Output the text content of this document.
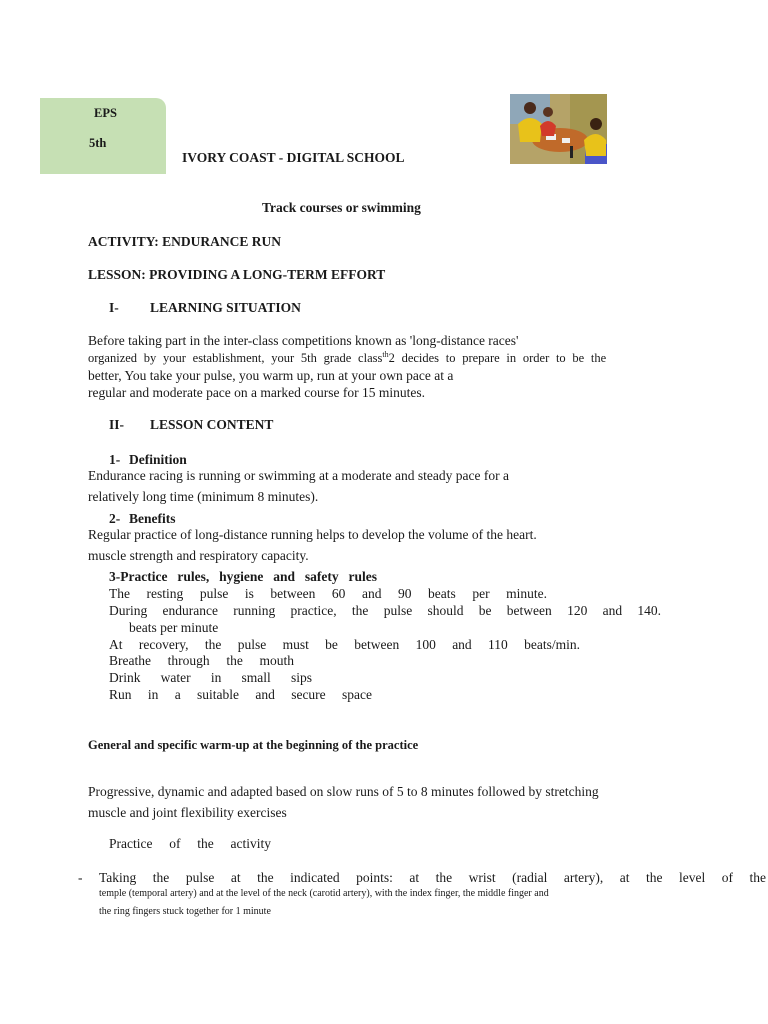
EPS
5th
IVORY COAST - DIGITAL SCHOOL
Track courses or swimming
ACTIVITY: ENDURANCE RUN
LESSON: PROVIDING A LONG-TERM EFFORT
I- LEARNING SITUATION
Before taking part in the inter-class competitions known as 'long-distance races'
organized by your establishment, your 5th grade class$^{th}$2 decides to prepare in order to be the
better, You take your pulse, you warm up, run at your own pace at a
regular and moderate pace on a marked course for 15 minutes.
II- LESSON CONTENT
1- Definition
Endurance racing is running or swimming at a moderate and steady pace for a
relatively long time (minimum 8 minutes).
2- Benefits
Regular practice of long-distance running helps to develop the volume of the heart.
muscle strength and respiratory capacity.
3-Practice rules, hygiene and safety rules
The resting pulse is between 60 and 90 beats per minute.
During endurance running practice, the pulse should be between 120 and 140.
beats per minute
At recovery, the pulse must be between 100 and 110 beats/min.
Breathe through the mouth
Drink water in small sips
Run in a suitable and secure space
General and specific warm-up at the beginning of the practice
Progressive, dynamic and adapted based on slow runs of 5 to 8 minutes followed by stretching
muscle and joint flexibility exercises
Practice of the activity
- Taking the pulse at the indicated points: at the wrist (radial artery), at the level of the
temple (temporal artery) and at the level of the neck (carotid artery), with the index finger, the middle finger and
the ring fingers stuck together for 1 minute
